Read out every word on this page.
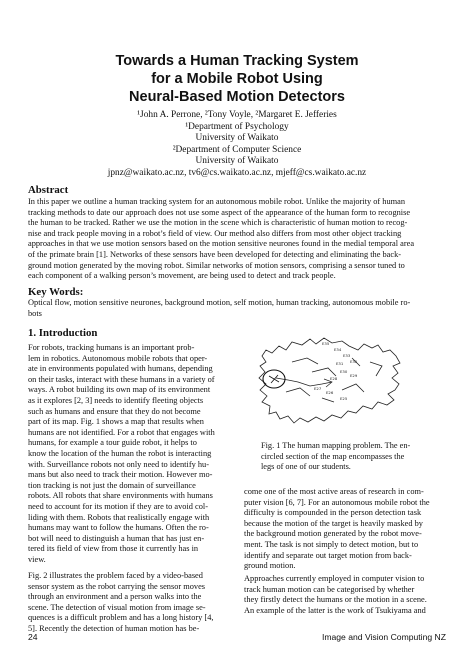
Towards a Human Tracking System
for a Mobile Robot Using
Neural-Based Motion Detectors
¹John A. Perrone, ²Tony Voyle, ²Margaret E. Jefferies
¹Department of Psychology
University of Waikato
²Department of Computer Science
University of Waikato
jpnz@waikato.ac.nz, tv6@cs.waikato.ac.nz, mjeff@cs.waikato.ac.nz
Abstract
In this paper we outline a human tracking system for an autonomous mobile robot. Unlike the majority of human
tracking methods to date our approach does not use some aspect of the appearance of the human form to recognise
the human to be tracked. Rather we use the motion in the scene which is characteristic of human motion to recog-
nise and track people moving in a robot’s field of view. Our method also differs from most other object tracking
approaches in that we use motion sensors based on the motion sensitive neurones found in the medial temporal area
of the primate brain [1]. Networks of these sensors have been developed for detecting and eliminating the back-
ground motion generated by the moving robot. Similar networks of motion sensors, comprising a sensor tuned to
each component of a walking person’s movement, are being used to detect and track people.
Key Words:
Optical flow, motion sensitive neurones, background motion, self motion, human tracking, autonomous mobile ro-
bots
1. Introduction
For robots, tracking humans is an important prob-
lem in robotics. Autonomous mobile robots that oper-
ate in environments populated with humans, depending
on their tasks, interact with these humans in a variety of
ways. A robot building its own map of its environment
as it explores [2, 3] needs to identify fleeting objects
such as humans and ensure that they do not become
part of its map. Fig. 1 shows a map that results when
humans are not identified. For a robot that engages with
humans, for example a tour guide robot, it helps to
know the location of the human the robot is interacting
with. Surveillance robots not only need to identify hu-
mans but also need to track their motion. However mo-
tion tracking is not just the domain of surveillance
robots. All robots that share environments with humans
need to account for its motion if they are to avoid col-
liding with them. Robots that realistically engage with
humans may want to follow the humans. Often the ro-
bot will need to distinguish a human that has just en-
tered its field of view from those it currently has in
view.
Fig. 2 illustrates the problem faced by a video-based
sensor system as the robot carrying the sensor moves
through an environment and a person walks into the
scene. The detection of visual motion from image se-
quences is a difficult problem and has a long history [4,
5]. Recently the detection of human motion has be-
E35
E34
E33
E32
E31
E30
E29
E28
E27
E26
E25
Fig. 1 The human mapping problem. The en-
circled section of the map encompasses the
legs of one of our students.
come one of the most active areas of research in com-
puter vision [6, 7]. For an autonomous mobile robot the
difficulty is compounded in the person detection task
because the motion of the target is heavily masked by
the background motion generated by the robot move-
ment. The task is not simply to detect motion, but to
identify and separate out target motion from back-
ground motion.
Approaches currently employed in computer vision to
track human motion can be categorised by whether
they firstly detect the humans or the motion in a scene.
An example of the latter is the work of Tsukiyama and
24	Image and Vision Computing NZ
